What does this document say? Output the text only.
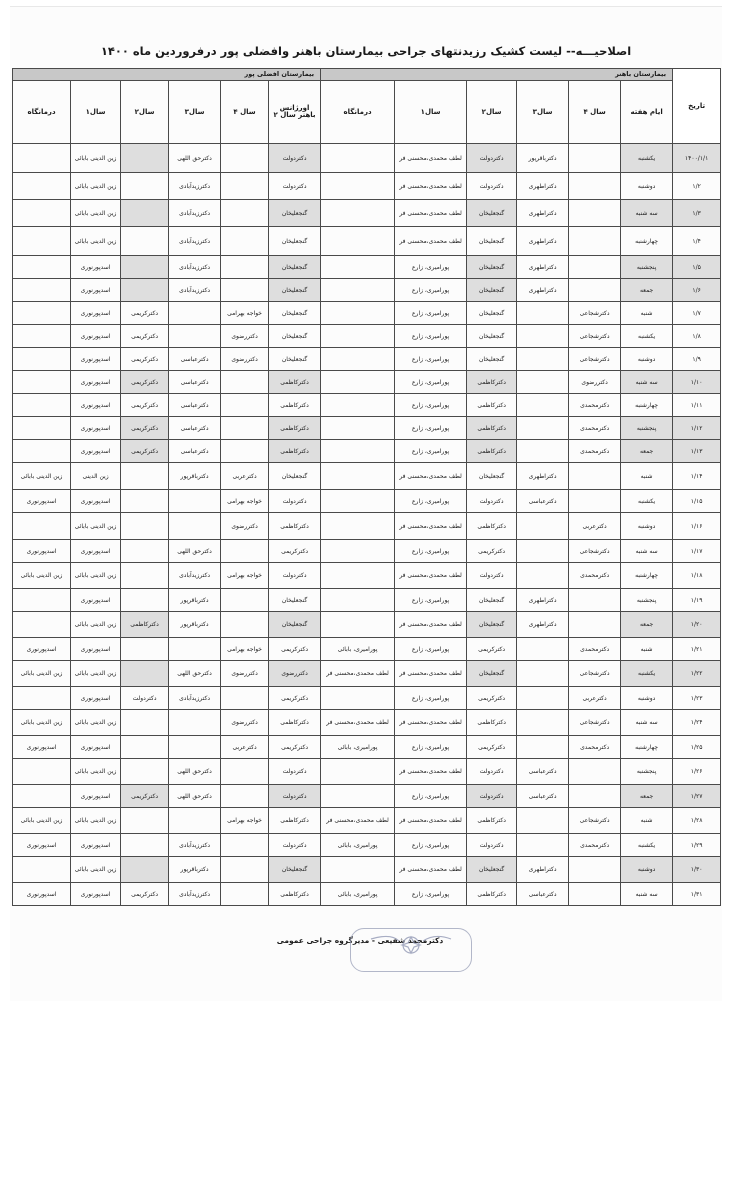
اصلاحیـــه-- لیست کشیک رزیدنتهای جراحی بیمارستان باهنر وافضلی پور درفروردین ماه ۱۴۰۰
تاریخ	بیمارستان باهنر						بیمارستان افضلی پور					
	ایام هفته	سال ۴	سال۳	سال۲	سال۱	درمانگاه	اورژانس باهنر سال ۲	سال ۴	سال۳	سال۲	سال۱	درمانگاه
۱۴۰۰/۱/۱	یکشنبه		دکترباقرپور	دکتردولت	لطف محمدی،محسنی فر		دکتردولت		دکترحق اللهی		زین الدینی بابائی	
۱/۲	دوشنبه		دکتراطهری	دکتردولت	لطف محمدی،محسنی فر		دکتردولت		دکترزیدآبادی		زین الدینی بابائی	
۱/۳	سه شنبه		دکتراطهری	گنجعلیخان	لطف محمدی،محسنی فر		گنجعلیخان		دکترزیدآبادی		زین الدینی بابائی	
۱/۴	چهارشنبه		دکتراطهری	گنجعلیخان	لطف محمدی،محسنی فر		گنجعلیخان		دکترزیدآبادی		زین الدینی بابائی	
۱/۵	پنجشنبه		دکتراطهری	گنجعلیخان	پورامیری، زارع		گنجعلیخان		دکترزیدآبادی		اسدپورنوری	
۱/۶	جمعه		دکتراطهری	گنجعلیخان	پورامیری، زارع		گنجعلیخان		دکترزیدآبادی		اسدپورنوری	
۱/۷	شنبه	دکترشجاعی		گنجعلیخان	پورامیری، زارع		گنجعلیخان	خواجه بهرامی		دکترکریمی	اسدپورنوری	
۱/۸	یکشنبه	دکترشجاعی		گنجعلیخان	پورامیری، زارع		گنجعلیخان	دکتررضوی		دکترکریمی	اسدپورنوری	
۱/۹	دوشنبه	دکترشجاعی		گنجعلیخان	پورامیری، زارع		گنجعلیخان	دکتررضوی	دکترعباسی	دکترکریمی	اسدپورنوری	
۱/۱۰	سه شنبه	دکتررضوی		دکترکاظمی	پورامیری، زارع		دکترکاظمی		دکترعباسی	دکترکریمی	اسدپورنوری	
۱/۱۱	چهارشنبه	دکترمحمدی		دکترکاظمی	پورامیری، زارع		دکترکاظمی		دکترعباسی	دکترکریمی	اسدپورنوری	
۱/۱۲	پنجشنبه	دکترمحمدی		دکترکاظمی	پورامیری، زارع		دکترکاظمی		دکترعباسی	دکترکریمی	اسدپورنوری	
۱/۱۳	جمعه	دکترمحمدی		دکترکاظمی	پورامیری، زارع		دکترکاظمی		دکترعباسی	دکترکریمی	اسدپورنوری	
۱/۱۴	شنبه		دکتراطهری	گنجعلیخان	لطف محمدی،محسنی فر		گنجعلیخان	دکترعربی	دکترباقرپور		زین الدینی	زین الدینی بابائی
۱/۱۵	یکشنبه		دکترعباسی	دکتردولت	پورامیری، زارع		دکتردولت	خواجه بهرامی			اسدپورنوری	اسدپورنوری
۱/۱۶	دوشنبه	دکترعربی		دکترکاظمی	لطف محمدی،محسنی فر		دکترکاظمی	دکتررضوی			زین الدینی بابائی	
۱/۱۷	سه شنبه	دکترشجاعی		دکترکریمی	پورامیری، زارع		دکترکریمی		دکترحق اللهی		اسدپورنوری	اسدپورنوری
۱/۱۸	چهارشنبه	دکترمحمدی		دکتردولت	لطف محمدی،محسنی فر		دکتردولت	خواجه بهرامی	دکترزیدآبادی		زین الدینی بابائی	زین الدینی بابائی
۱/۱۹	پنجشنبه		دکتراطهری	گنجعلیخان	پورامیری، زارع		گنجعلیخان		دکترباقرپور		اسدپورنوری	
۱/۲۰	جمعه		دکتراطهری	گنجعلیخان	لطف محمدی،محسنی فر		گنجعلیخان		دکترباقرپور	دکترکاظمی	زین الدینی بابائی	
۱/۲۱	شنبه	دکترمحمدی		دکترکریمی	پورامیری، زارع	پورامیری، بابائی	دکترکریمی	خواجه بهرامی			اسدپورنوری	اسدپورنوری
۱/۲۲	یکشنبه	دکترشجاعی		گنجعلیخان	لطف محمدی،محسنی فر	لطف محمدی،محسنی فر	دکتررضوی	دکتررضوی	دکترحق اللهی		زین الدینی بابائی	زین الدینی بابائی
۱/۲۳	دوشنبه	دکترعربی		دکترکریمی	پورامیری، زارع		دکترکریمی		دکترزیدآبادی	دکتردولت	اسدپورنوری	
۱/۲۴	سه شنبه	دکترشجاعی		دکترکاظمی	لطف محمدی،محسنی فر	لطف محمدی،محسنی فر	دکترکاظمی	دکتررضوی			زین الدینی بابائی	زین الدینی بابائی
۱/۲۵	چهارشنبه	دکترمحمدی		دکترکریمی	پورامیری، زارع	پورامیری، بابائی	دکترکریمی	دکترعربی			اسدپورنوری	اسدپورنوری
۱/۲۶	پنجشنبه		دکترعباسی	دکتردولت	لطف محمدی،محسنی فر		دکتردولت		دکترحق اللهی		زین الدینی بابائی	
۱/۲۷	جمعه		دکترعباسی	دکتردولت	پورامیری، زارع		دکتردولت		دکترحق اللهی	دکترکریمی	اسدپورنوری	
۱/۲۸	شنبه	دکترشجاعی		دکترکاظمی	لطف محمدی،محسنی فر	لطف محمدی،محسنی فر	دکترکاظمی	خواجه بهرامی			زین الدینی بابائی	زین الدینی بابائی
۱/۲۹	یکشنبه	دکترمحمدی		دکتردولت	پورامیری، زارع	پورامیری، بابائی	دکتردولت		دکترزیدآبادی		اسدپورنوری	اسدپورنوری
۱/۳۰	دوشنبه		دکتراطهری	گنجعلیخان	لطف محمدی،محسنی فر		گنجعلیخان		دکترباقرپور		زین الدینی بابائی	
۱/۳۱	سه شنبه		دکترعباسی	دکترکاظمی	پورامیری، زارع	پورامیری، بابائی	دکترکاظمی		دکترزیدآبادی	دکترکریمی	اسدپورنوری	اسدپورنوری
دکترمحمد شفیعی - مدیرگروه جراحی عمومی
